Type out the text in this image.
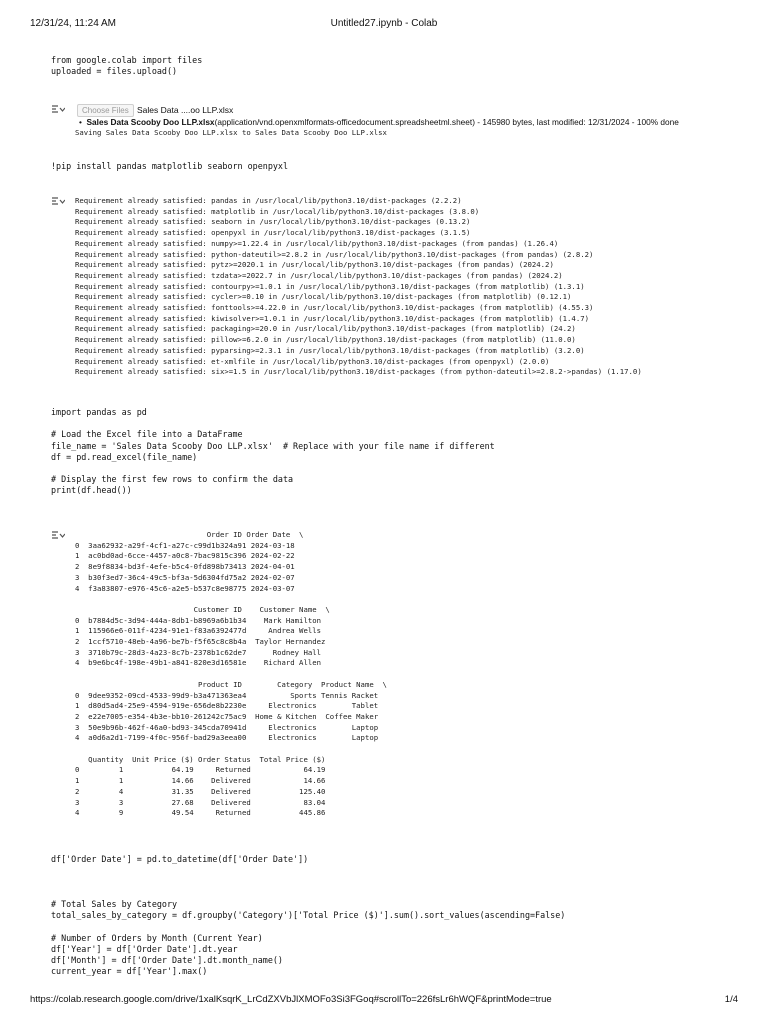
12/31/24, 11:24 AM	Untitled27.ipynb - Colab
from google.colab import files
uploaded = files.upload()
Choose Files Sales Data ....oo LLP.xlsx
•  Sales Data Scooby Doo LLP.xlsx(application/vnd.openxmlformats-officedocument.spreadsheetml.sheet) - 145980 bytes, last modified: 12/31/2024 - 100% done
Saving Sales Data Scooby Doo LLP.xlsx to Sales Data Scooby Doo LLP.xlsx
!pip install pandas matplotlib seaborn openpyxl
Requirement already satisfied: pandas in /usr/local/lib/python3.10/dist-packages (2.2.2)
Requirement already satisfied: matplotlib in /usr/local/lib/python3.10/dist-packages (3.8.0)
Requirement already satisfied: seaborn in /usr/local/lib/python3.10/dist-packages (0.13.2)
Requirement already satisfied: openpyxl in /usr/local/lib/python3.10/dist-packages (3.1.5)
Requirement already satisfied: numpy>=1.22.4 in /usr/local/lib/python3.10/dist-packages (from pandas) (1.26.4)
Requirement already satisfied: python-dateutil>=2.8.2 in /usr/local/lib/python3.10/dist-packages (from pandas) (2.8.2)
Requirement already satisfied: pytz>=2020.1 in /usr/local/lib/python3.10/dist-packages (from pandas) (2024.2)
Requirement already satisfied: tzdata>=2022.7 in /usr/local/lib/python3.10/dist-packages (from pandas) (2024.2)
Requirement already satisfied: contourpy>=1.0.1 in /usr/local/lib/python3.10/dist-packages (from matplotlib) (1.3.1)
Requirement already satisfied: cycler>=0.10 in /usr/local/lib/python3.10/dist-packages (from matplotlib) (0.12.1)
Requirement already satisfied: fonttools>=4.22.0 in /usr/local/lib/python3.10/dist-packages (from matplotlib) (4.55.3)
Requirement already satisfied: kiwisolver>=1.0.1 in /usr/local/lib/python3.10/dist-packages (from matplotlib) (1.4.7)
Requirement already satisfied: packaging>=20.0 in /usr/local/lib/python3.10/dist-packages (from matplotlib) (24.2)
Requirement already satisfied: pillow>=6.2.0 in /usr/local/lib/python3.10/dist-packages (from matplotlib) (11.0.0)
Requirement already satisfied: pyparsing>=2.3.1 in /usr/local/lib/python3.10/dist-packages (from matplotlib) (3.2.0)
Requirement already satisfied: et-xmlfile in /usr/local/lib/python3.10/dist-packages (from openpyxl) (2.0.0)
Requirement already satisfied: six>=1.5 in /usr/local/lib/python3.10/dist-packages (from python-dateutil>=2.8.2->pandas) (1.17.0)
import pandas as pd

# Load the Excel file into a DataFrame
file_name = 'Sales Data Scooby Doo LLP.xlsx'  # Replace with your file name if different
df = pd.read_excel(file_name)

# Display the first few rows to confirm the data
print(df.head())
Order ID Order Date  \
0  3aa62932-a29f-4cf1-a27c-c99d1b324a91 2024-03-18
1  ac0bd0ad-6cce-4457-a0c8-7bac9815c396 2024-02-22
2  8e9f8834-bd3f-4efe-b5c4-0fd898b73413 2024-04-01
3  b30f3ed7-36c4-49c5-bf3a-5d6304fd75a2 2024-02-07
4  f3a83807-e976-45c6-a2e5-b537c8e98775 2024-03-07

Customer ID    Customer Name  \
0  b7884d5c-3d94-444a-8db1-b8969a6b1b34    Mark Hamilton
1  115966e6-011f-4234-91e1-f83a6392477d     Andrea Wells
2  1ccf5710-48eb-4a96-be7b-f5f65c8c8b4a  Taylor Hernandez
3  3710b79c-28d3-4a23-8c7b-2378b1c62de7      Rodney Hall
4  b9e6bc4f-198e-49b1-a841-820e3d16581e    Richard Allen

Product ID        Category  Product Name  \
0  9dee9352-09cd-4533-99d9-b3a471363ea4          Sports Tennis Racket
1  d80d5ad4-25e9-4594-919e-656de8b2230e     Electronics        Tablet
2  e22e7005-e354-4b3e-bb10-261242c75ac9  Home & Kitchen  Coffee Maker
3  50e9b96b-462f-46a0-bd93-345cda70941d     Electronics        Laptop
4  a0d6a2d1-7199-4f0c-956f-bad29a3eea00     Electronics        Laptop

Quantity  Unit Price ($) Order Status  Total Price ($)
0         1           64.19     Returned            64.19
1         1           14.66    Delivered            14.66
2         4           31.35    Delivered           125.40
3         3           27.68    Delivered            83.04
4         9           49.54     Returned           445.86
df['Order Date'] = pd.to_datetime(df['Order Date'])
# Total Sales by Category
total_sales_by_category = df.groupby('Category')['Total Price ($)'].sum().sort_values(ascending=False)

# Number of Orders by Month (Current Year)
df['Year'] = df['Order Date'].dt.year
df['Month'] = df['Order Date'].dt.month_name()
current_year = df['Year'].max()
https://colab.research.google.com/drive/1xalKsqrK_LrCdZXVbJlXMOFo3Si3FGoq#scrollTo=226fsLr6hWQF&printMode=true	1/4
